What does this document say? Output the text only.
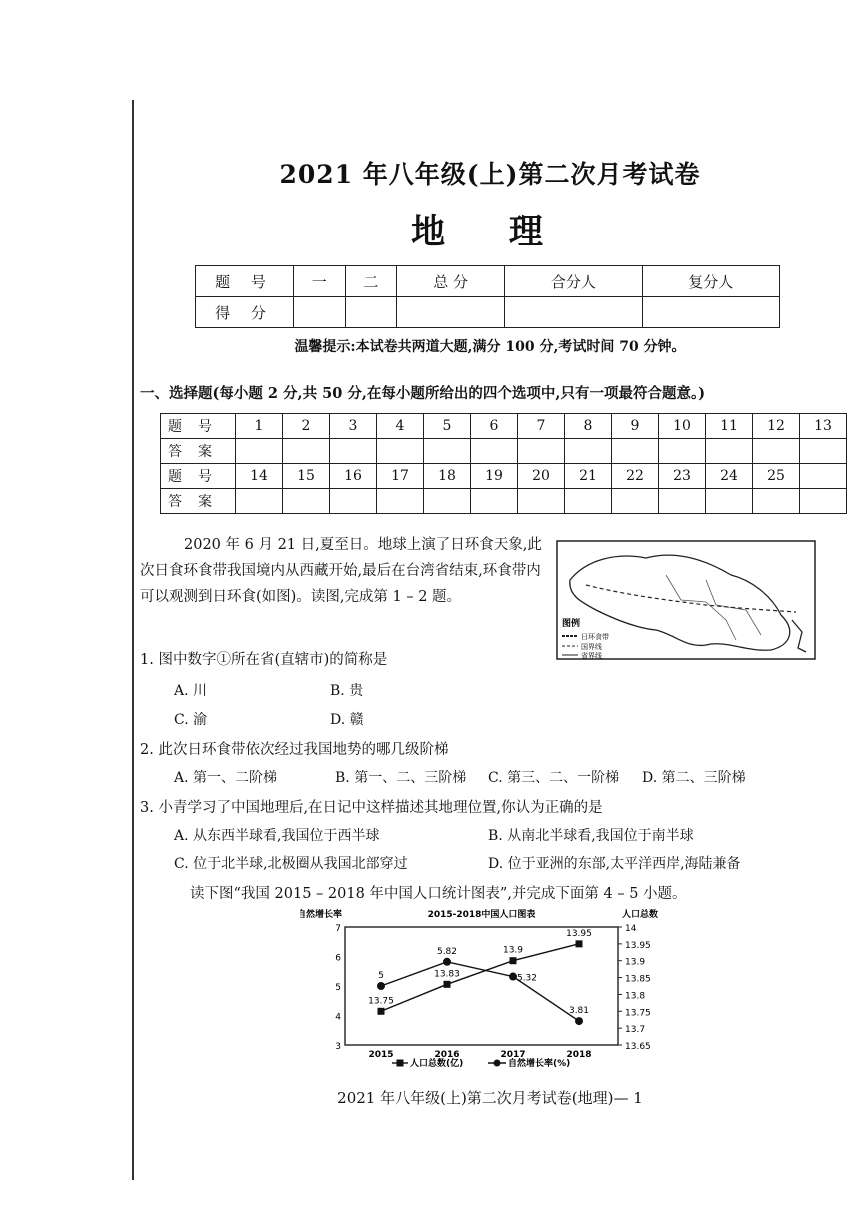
2021 年八年级(上)第二次月考试卷
地 理
题 号	一	二	总 分	合分人	复分人
得 分					
温馨提示:本试卷共两道大题,满分 100 分,考试时间 70 分钟。
一、选择题(每小题 2 分,共 50 分,在每小题所给出的四个选项中,只有一项最符合题意。)
题号	1	2	3	4	5	6	7	8	9	10	11	12	13
答案													
题号	14	15	16	17	18	19	20	21	22	23	24	25	
答案													
2020 年 6 月 21 日,夏至日。地球上演了日环食天象,此次日食环食带我国境内从西藏开始,最后在台湾省结束,环食带内可以观测到日环食(如图)。读图,完成第 1 – 2 题。
图例
日环食带
国界线
省界线
1. 图中数字①所在省(直辖市)的简称是
A. 川	B. 贵
C. 渝	D. 赣
2. 此次日环食带依次经过我国地势的哪几级阶梯
A. 第一、二阶梯	B. 第一、二、三阶梯 C. 第三、二、一阶梯 D. 第二、三阶梯
3. 小青学习了中国地理后,在日记中这样描述其地理位置,你认为正确的是
A. 从东西半球看,我国位于西半球	B. 从南北半球看,我国位于南半球
C. 位于北半球,北极圈从我国北部穿过	D. 位于亚洲的东部,太平洋西岸,海陆兼备
读下图“我国 2015 – 2018 年中国人口统计图表”,并完成下面第 4 – 5 小题。
2015-2018中国人口图表
自然增长率	人口总数
3
4
5
6
7
13.65
13.7
13.75
13.8
13.85
13.9
13.95
14
2015	2016	2017	2018
13.75
13.83
13.9
13.95
5
5.82
5.32
3.81
人口总数(亿)	自然增长率(%)
2021 年八年级(上)第二次月考试卷(地理)— 1
